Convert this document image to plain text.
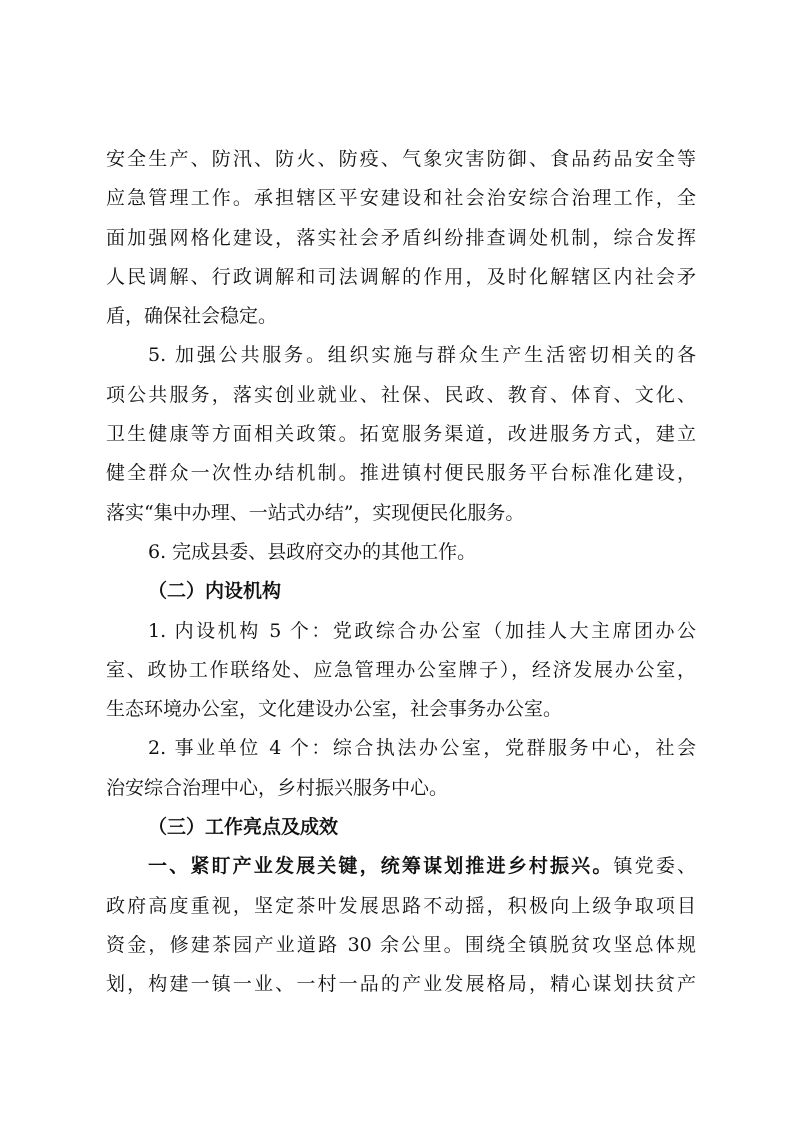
安全生产、防汛、防火、防疫、气象灾害防御、食品药品安全等
应急管理工作。承担辖区平安建设和社会治安综合治理工作，全
面加强网格化建设，落实社会矛盾纠纷排查调处机制，综合发挥
人民调解、行政调解和司法调解的作用，及时化解辖区内社会矛
盾，确保社会稳定。
5. 加强公共服务。组织实施与群众生产生活密切相关的各
项公共服务，落实创业就业、社保、民政、教育、体育、文化、
卫生健康等方面相关政策。拓宽服务渠道，改进服务方式，建立
健全群众一次性办结机制。推进镇村便民服务平台标准化建设，
落实“集中办理、一站式办结”，实现便民化服务。
6. 完成县委、县政府交办的其他工作。
（二）内设机构
1. 内设机构 5 个：党政综合办公室（加挂人大主席团办公
室、政协工作联络处、应急管理办公室牌子），经济发展办公室，
生态环境办公室，文化建设办公室，社会事务办公室。
2. 事业单位 4 个：综合执法办公室，党群服务中心，社会
治安综合治理中心，乡村振兴服务中心。
（三）工作亮点及成效
一、紧盯产业发展关键，统筹谋划推进乡村振兴。镇党委、
政府高度重视，坚定茶叶发展思路不动摇，积极向上级争取项目
资金，修建茶园产业道路 30 余公里。围绕全镇脱贫攻坚总体规
划，构建一镇一业、一村一品的产业发展格局，精心谋划扶贫产
